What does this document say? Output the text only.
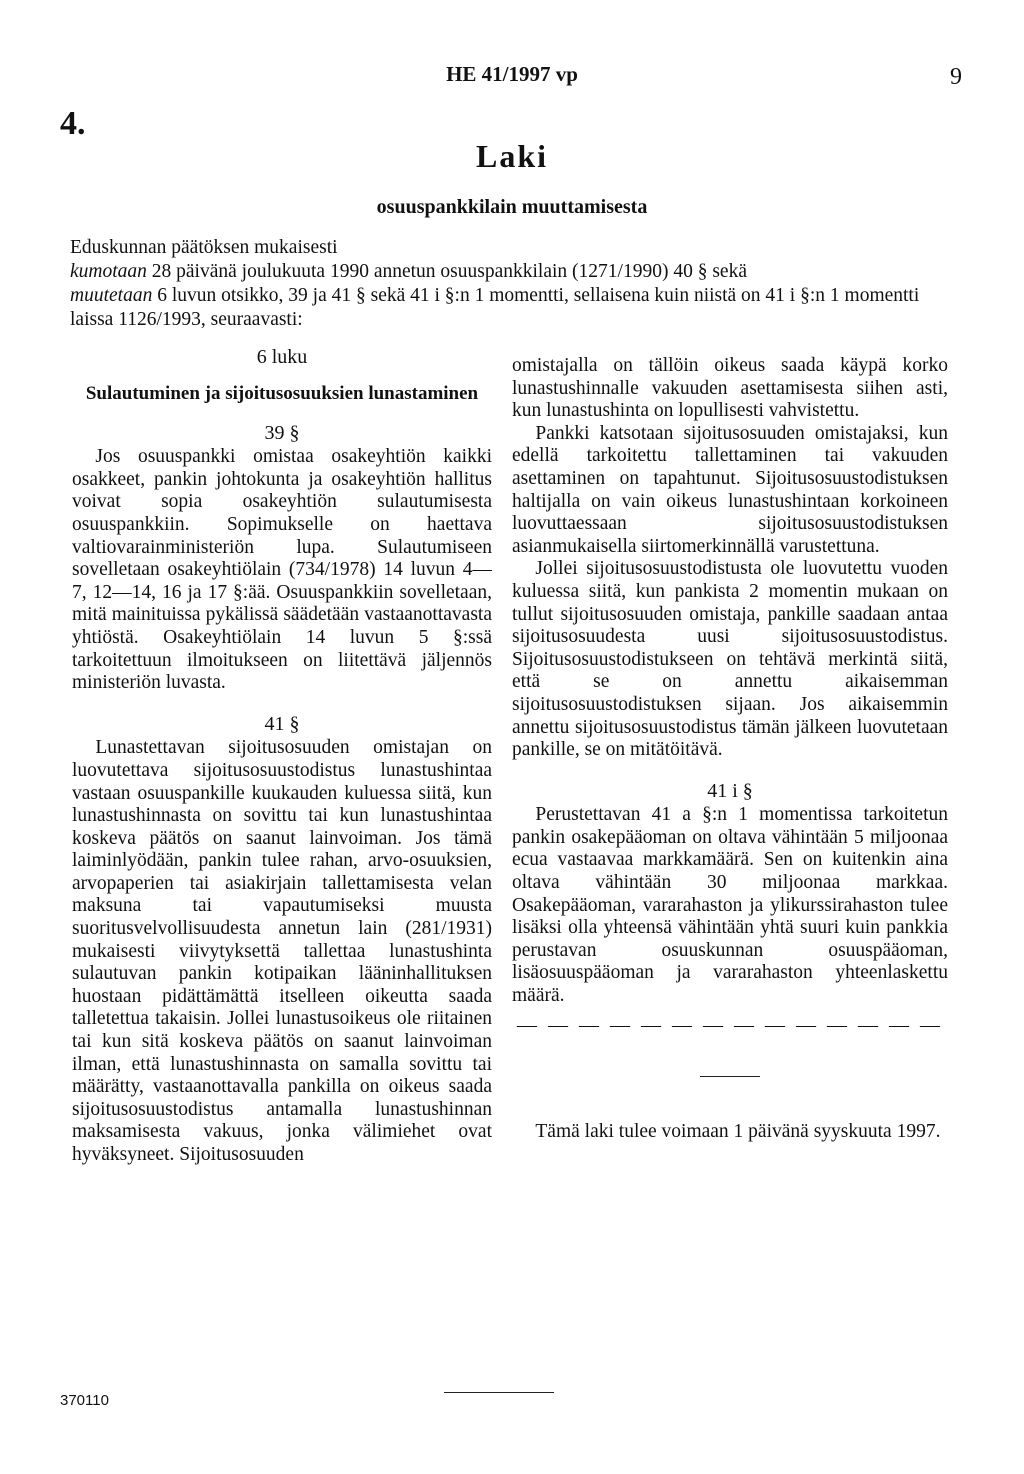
HE 41/1997 vp	9
4.
Laki
osuuspankkilain muuttamisesta

Eduskunnan päätöksen mukaisesti

kumotaan 28 päivänä joulukuuta 1990 annetun osuuspankkilain (1271/1990) 40 § sekä

muutetaan 6 luvun otsikko, 39 ja 41 § sekä 41 i §:n 1 momentti, sellaisena kuin niistä on 41 i §:n 1 momentti laissa 1126/1993, seuraavasti:

6 luku
Sulautuminen ja sijoitusosuuksien lunastaminen
39 §

Jos osuuspankki omistaa osakeyhtiön kaikki osakkeet, pankin johtokunta ja osakeyhtiön hallitus voivat sopia osakeyhtiön sulautumisesta osuuspankkiin. Sopimukselle on haettava valtiovarainministeriön lupa. Sulautumiseen sovelletaan osakeyhtiölain (734/1978) 14 luvun 4—7, 12—14, 16 ja 17 §:ää. Osuuspankkiin sovelletaan, mitä mainituissa pykälissä säädetään vastaanottavasta yhtiöstä. Osakeyhtiölain 14 luvun 5 §:ssä tarkoitettuun ilmoitukseen on liitettävä jäljennös ministeriön luvasta.

41 §

Lunastettavan sijoitusosuuden omistajan on luovutettava sijoitusosuustodistus lunastushintaa vastaan osuuspankille kuukauden kuluessa siitä, kun lunastushinnasta on sovittu tai kun lunastushintaa koskeva päätös on saanut lainvoiman. Jos tämä laiminlyödään, pankin tulee rahan, arvo-osuuksien, arvopaperien tai asiakirjain tallettamisesta velan maksuna tai vapautumiseksi muusta suoritusvelvollisuudesta annetun lain (281/1931) mukaisesti viivytyksettä tallettaa lunastushinta sulautuvan pankin kotipaikan lääninhallituksen huostaan pidättämättä itselleen oikeutta saada talletettua takaisin. Jollei lunastusoikeus ole riitainen tai kun sitä koskeva päätös on saanut lainvoiman ilman, että lunastushinnasta on samalla sovittu tai määrätty, vastaanottavalla pankilla on oikeus saada sijoitusosuustodistus antamalla lunastushinnan maksamisesta vakuus, jonka välimiehet ovat hyväksyneet. Sijoitusosuuden

omistajalla on tällöin oikeus saada käypä korko lunastushinnalle vakuuden asettamisesta siihen asti, kun lunastushinta on lopullisesti vahvistettu.

Pankki katsotaan sijoitusosuuden omistajaksi, kun edellä tarkoitettu tallettaminen tai vakuuden asettaminen on tapahtunut. Sijoitusosuustodistuksen haltijalla on vain oikeus lunastushintaan korkoineen luovuttaessaan sijoitusosuustodistuksen asianmukaisella siirtomerkinnällä varustettuna.

Jollei sijoitusosuustodistusta ole luovutettu vuoden kuluessa siitä, kun pankista 2 momentin mukaan on tullut sijoitusosuuden omistaja, pankille saadaan antaa sijoitusosuudesta uusi sijoitusosuustodistus. Sijoitusosuustodistukseen on tehtävä merkintä siitä, että se on annettu aikaisemman sijoitusosuustodistuksen sijaan. Jos aikaisemmin annettu sijoitusosuustodistus tämän jälkeen luovutetaan pankille, se on mitätöitävä.

41 i §

Perustettavan 41 a §:n 1 momentissa tarkoitetun pankin osakepääoman on oltava vähintään 5 miljoonaa ecua vastaavaa markkamäärä. Sen on kuitenkin aina oltava vähintään 30 miljoonaa markkaa. Osakepääoman, vararahaston ja ylikurssirahaston tulee lisäksi olla yhteensä vähintään yhtä suuri kuin pankkia perustavan osuuskunnan osuuspääoman, lisäosuuspääoman ja vararahaston yhteenlaskettu määrä.

— — — — — — — — — — — — — —

Tämä laki tulee voimaan 1 päivänä syyskuuta 1997.

370110
